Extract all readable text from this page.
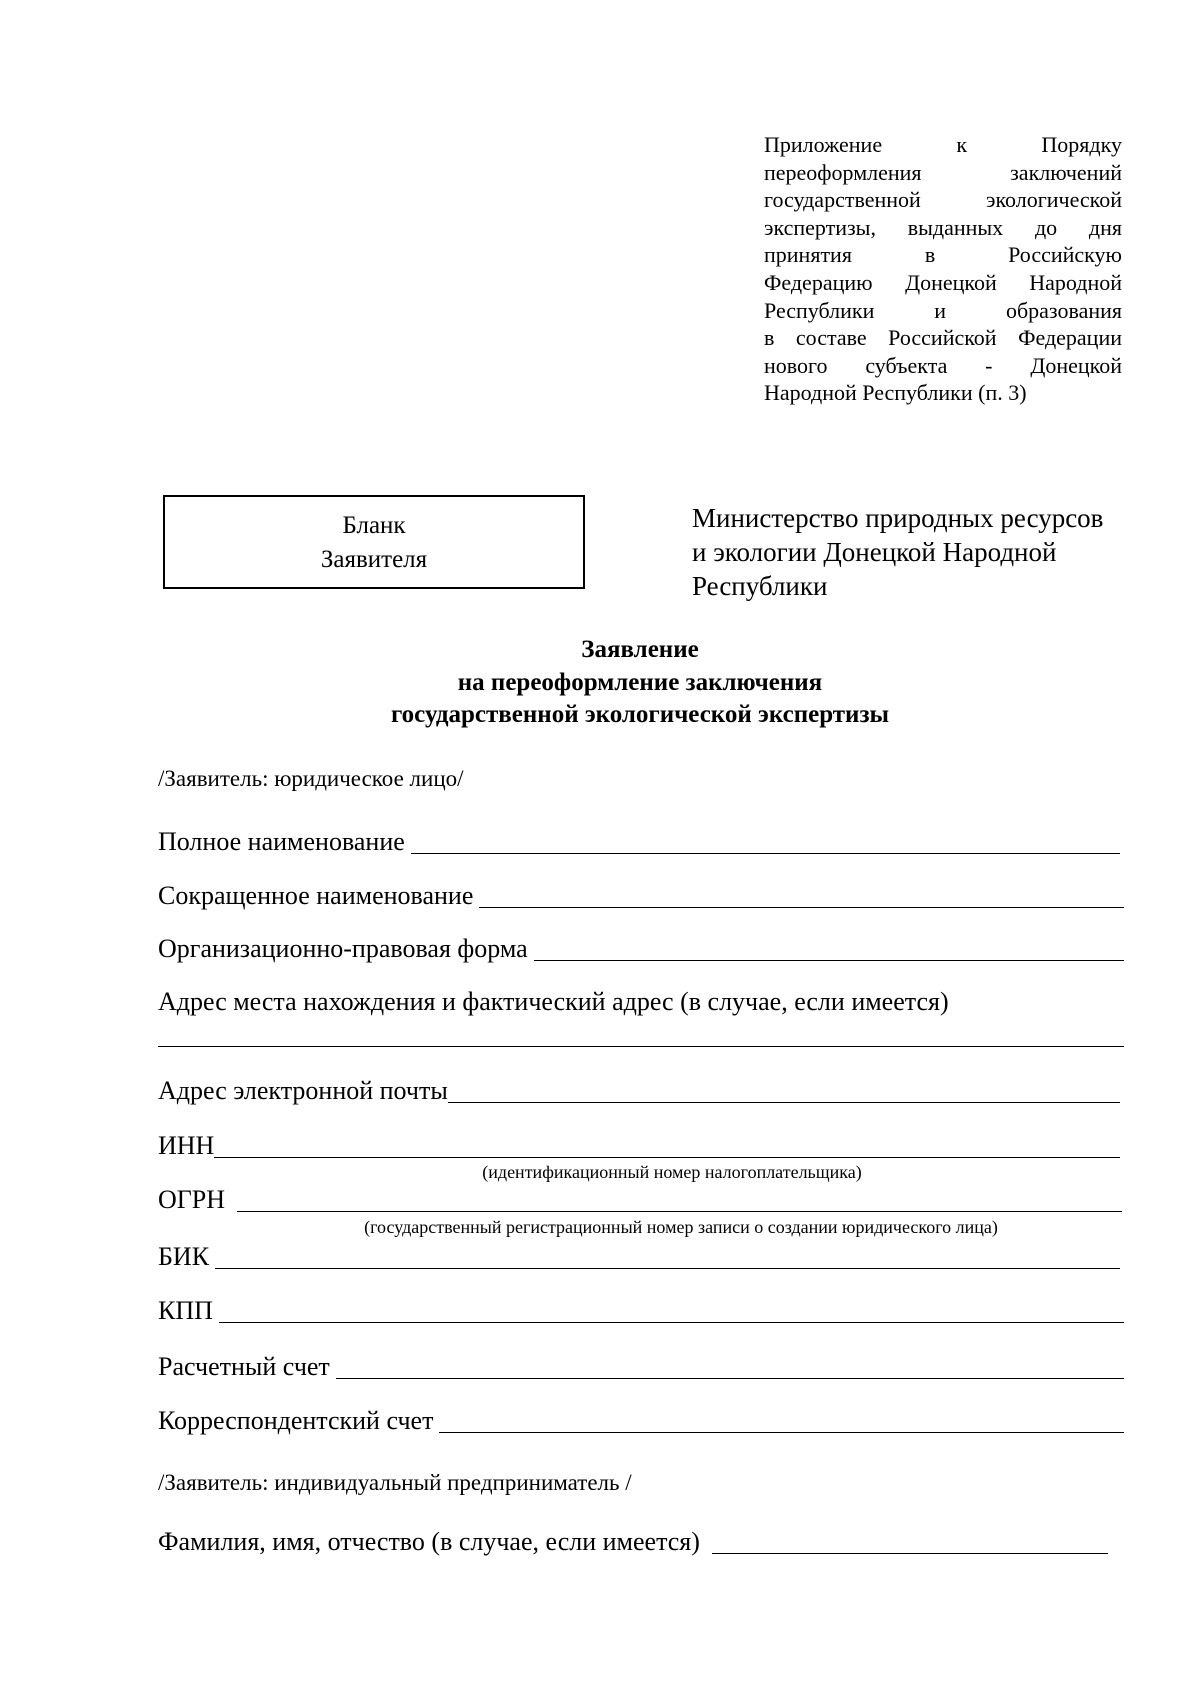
Приложение к Порядку
переоформления заключений
государственной экологической
экспертизы, выданных до дня
принятия в Российскую
Федерацию Донецкой Народной
Республики и образования
в составе Российской Федерации
нового субъекта - Донецкой
Народной Республики (п. 3)
Бланк
Заявителя
Министерство природных ресурсов
и экологии Донецкой Народной
Республики
Заявление
на переоформление заключения
государственной экологической экспертизы
/Заявитель: юридическое лицо/
Полное наименование
Сокращенное наименование
Организационно-правовая форма
Адрес места нахождения и фактический адрес (в случае, если имеется)
Адрес электронной почты
ИНН
(идентификационный номер налогоплательщика)
ОГРН
(государственный регистрационный номер записи о создании юридического лица)
БИК
КПП
Расчетный счет
Корреспондентский счет
/Заявитель: индивидуальный предприниматель /
Фамилия, имя, отчество (в случае, если имеется)
